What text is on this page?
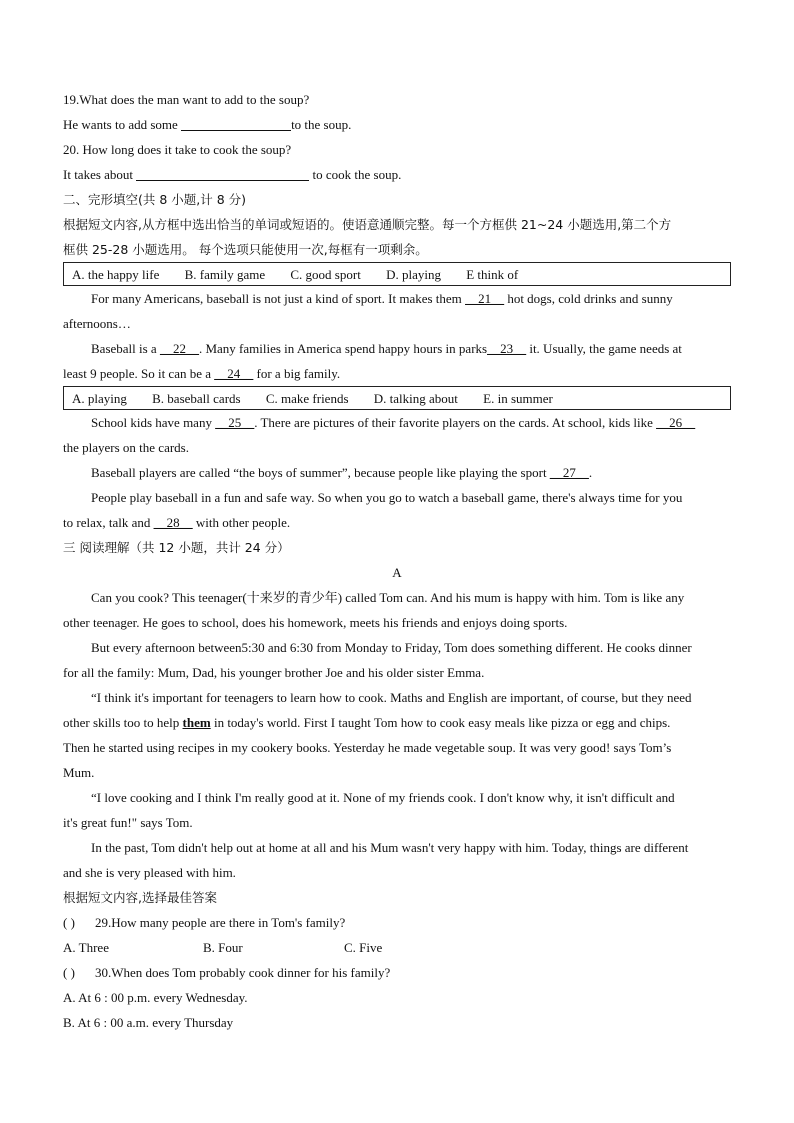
19.What does the man want to add to the soup?
He wants to add some	to the soup.
20. How long does it take to cook the soup?
It takes about	to cook the soup.
二、完形填空(共 8 小题,计 8 分)
根据短文内容,从方框中选出恰当的单词或短语的。使语意通顺完整。每一个方框供 21~24 小题选用,第二个方
框供 25-28 小题选用。 每个选项只能使用一次,每框有一项剩余。
A. the happy life B. family game C. good sport D. playing E think of
For many Americans, baseball is not just a kind of sport. It makes them __21__ hot dogs, cold drinks and sunny
afternoons…
Baseball is a __22__. Many families in America spend happy hours in parks__23__ it. Usually, the game needs at
least 9 people. So it can be a __24__ for a big family.
A. playing B. baseball cards C. make friends D. talking about E. in summer
School kids have many __25__. There are pictures of their favorite players on the cards. At school, kids like __26__
the players on the cards.
Baseball players are called “the boys of summer”, because people like playing the sport __27__.
People play baseball in a fun and safe way. So when you go to watch a baseball game, there's always time for you
to relax, talk and __28__ with other people.
三 阅读理解（共 12 小题，共计 24 分）
A
Can you cook? This teenager(十来岁的青少年) called Tom can. And his mum is happy with him. Tom is like any
other teenager. He goes to school, does his homework, meets his friends and enjoys doing sports.
But every afternoon between5:30 and 6:30 from Monday to Friday, Tom does something different. He cooks dinner
for all the family: Mum, Dad, his younger brother Joe and his older sister Emma.
“I think it's important for teenagers to learn how to cook. Maths and English are important, of course, but they need
other skills too to help them in today's world. First I taught Tom how to cook easy meals like pizza or egg and chips.
Then he started using recipes in my cookery books. Yesterday he made vegetable soup. It was very good! says Tom’s
Mum.
“I love cooking and I think I'm really good at it. None of my friends cook. I don't know why, it isn't difficult and
it's great fun!" says Tom.
In the past, Tom didn't help out at home at all and his Mum wasn't very happy with him. Today, things are different
and she is very pleased with him.
根据短文内容,选择最佳答案
( ) 29.How many people are there in Tom's family?
A. Three	B. Four	C. Five
( ) 30.When does Tom probably cook dinner for his family?
A. At 6 : 00 p.m. every Wednesday.
B. At 6 : 00 a.m. every Thursday
